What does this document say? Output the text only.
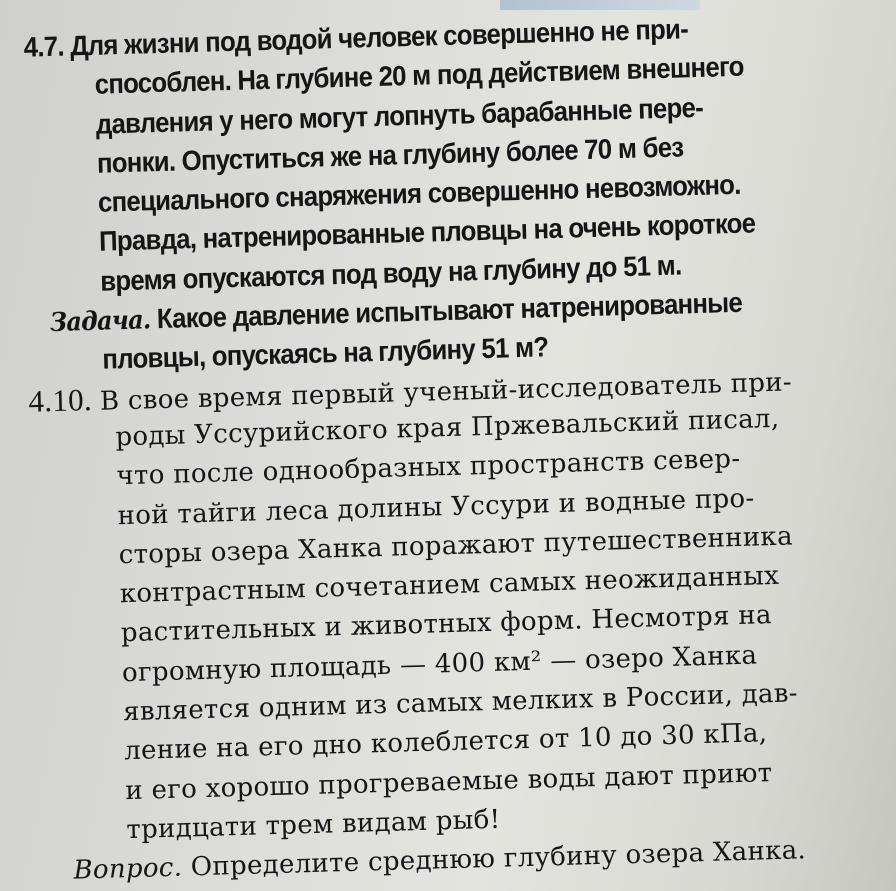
4.7. Для жизни под водой человек совершенно не при-
способлен. На глубине 20 м под действием внешнего
давления у него могут лопнуть барабанные пере-
понки. Опуститься же на глубину более 70 м без
специального снаряжения совершенно невозможно.
Правда, натренированные пловцы на очень короткое
время опускаются под воду на глубину до 51 м.
Задача. Какое давление испытывают натренированные
пловцы, опускаясь на глубину 51 м?
4.10. В свое время первый ученый-исследователь при-
роды Уссурийского края Пржевальский писал,
что после однообразных пространств север-
ной тайги леса долины Уссури и водные про-
сторы озера Ханка поражают путешественника
контрастным сочетанием самых неожиданных
растительных и животных форм. Несмотря на
огромную площадь — 400 км² — озеро Ханка
является одним из самых мелких в России, дав-
ление на его дно колеблется от 10 до 30 кПа,
и его хорошо прогреваемые воды дают приют
тридцати трем видам рыб!
Вопрос. Определите среднюю глубину озера Ханка.
